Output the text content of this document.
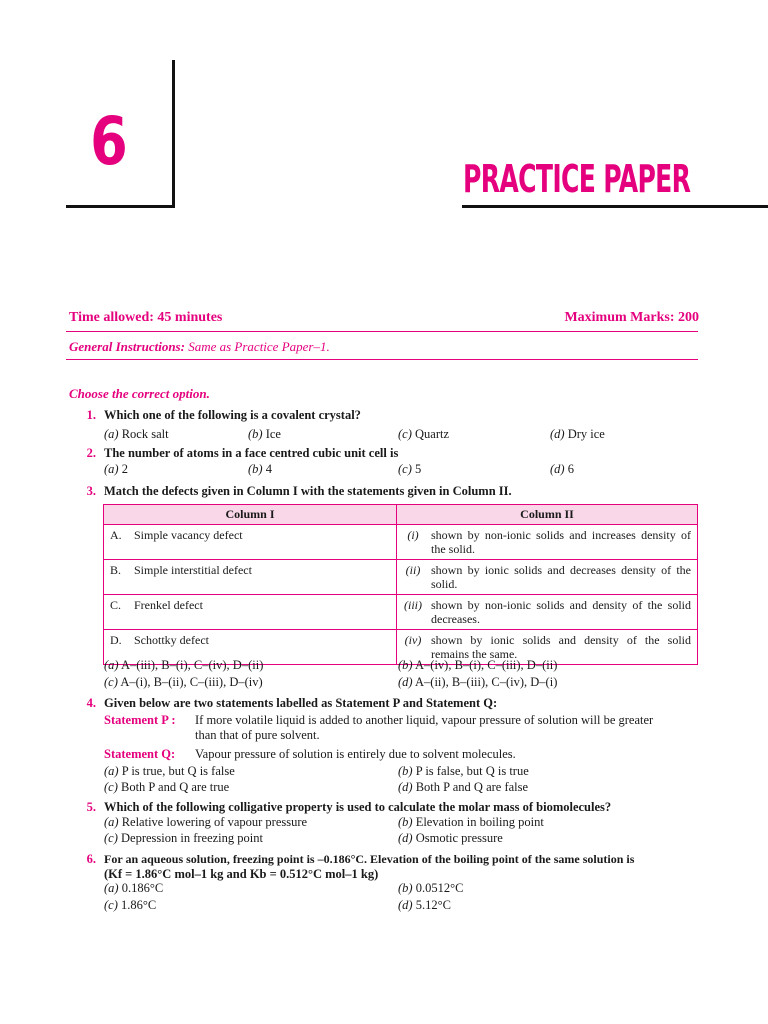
6	PRACTICE PAPER
Time allowed: 45 minutes	Maximum Marks: 200
General Instructions: Same as Practice Paper–1.
Choose the correct option.
1. Which one of the following is a covalent crystal?
(a) Rock salt	(b) Ice	(c) Quartz	(d) Dry ice
2. The number of atoms in a face centred cubic unit cell is
(a) 2	(b) 4	(c) 5	(d) 6
3. Match the defects given in Column I with the statements given in Column II.
Column I	Column II

A. Simple vacancy defect	(i) shown by non-ionic solids and increases density of the solid.

B. Simple interstitial defect	(ii) shown by ionic solids and decreases density of the solid.

C. Frenkel defect	(iii) shown by non-ionic solids and density of the solid decreases.

D. Schottky defect	(iv) shown by ionic solids and density of the solid remains the same.
(a) A–(iii), B–(i), C–(iv), D–(ii)	(b) A–(iv), B–(i), C–(iii), D–(ii)
(c) A–(i), B–(ii), C–(iii), D–(iv)	(d) A–(ii), B–(iii), C–(iv), D–(i)
4. Given below are two statements labelled as Statement P and Statement Q:
Statement P : If more volatile liquid is added to another liquid, vapour pressure of solution will be greater
than that of pure solvent.
Statement Q: Vapour pressure of solution is entirely due to solvent molecules.
(a) P is true, but Q is false	(b) P is false, but Q is true
(c) Both P and Q are true	(d) Both P and Q are false
5. Which of the following colligative property is used to calculate the molar mass of biomolecules?
(a) Relative lowering of vapour pressure	(b) Elevation in boiling point
(c) Depression in freezing point	(d) Osmotic pressure
6. For an aqueous solution, freezing point is –0.186°C. Elevation of the boiling point of the same solution is
(Kf = 1.86°C mol–1 kg and Kb = 0.512°C mol–1 kg)
(a) 0.186°C	(b) 0.0512°C
(c) 1.86°C	(d) 5.12°C
